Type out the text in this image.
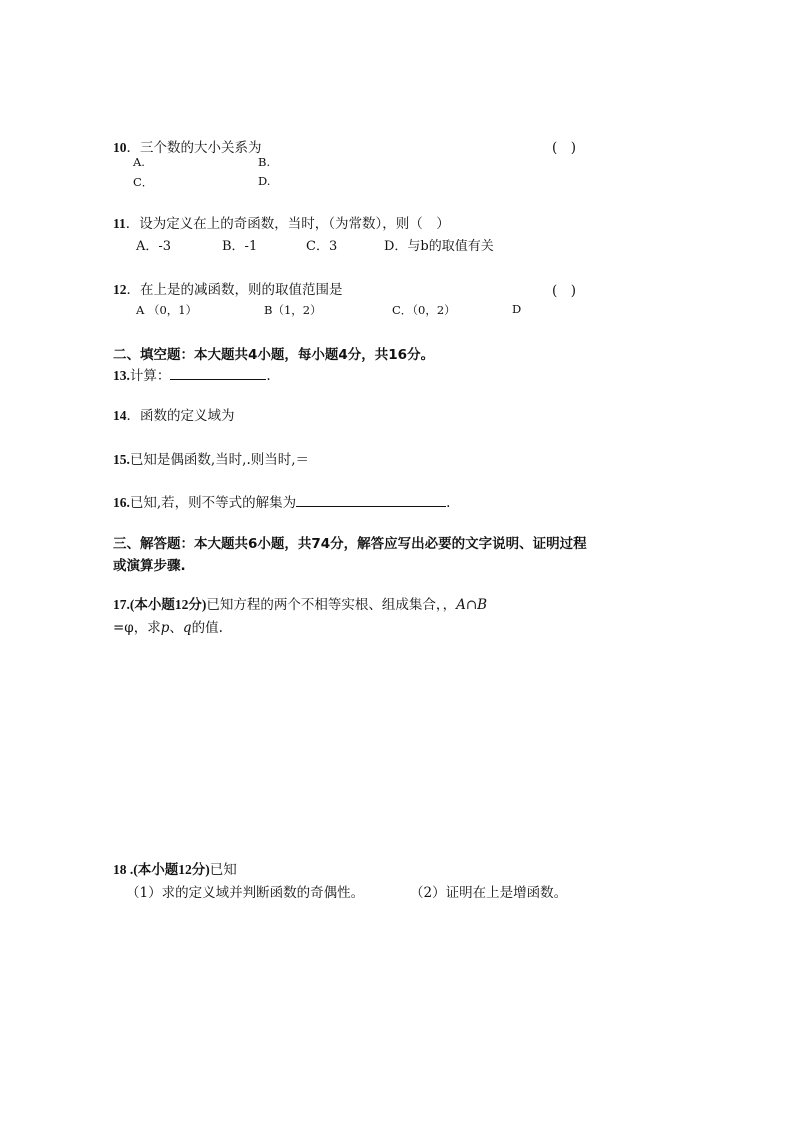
10．三个数的大小关系为	(　)
A.	B.
C．	D.
11．设为定义在上的奇函数，当时，（为常数），则（　）
A．-3	B．-1	C．3	D．与b的取值有关
12．在上是的减函数，则的取值范围是	(　)
A （0，1）	B（1，2）	C．（0，2）	D
二、填空题：本大题共4小题，每小题4分，共16分。
13.计算：	.
14．函数的定义域为
15.已知是偶函数,当时,.则当时,＝
16.已知,若，则不等式的解集为	.
三、解答题：本大题共6小题，共74分，解答应写出必要的文字说明、证明过程
或演算步骤.
17.(本小题12分)已知方程的两个不相等实根、组成集合，，A∩B
=φ，求p、q的值.
18 .(本小题12分)已知
（1）求的定义域并判断函数的奇偶性。	（2）证明在上是增函数。
